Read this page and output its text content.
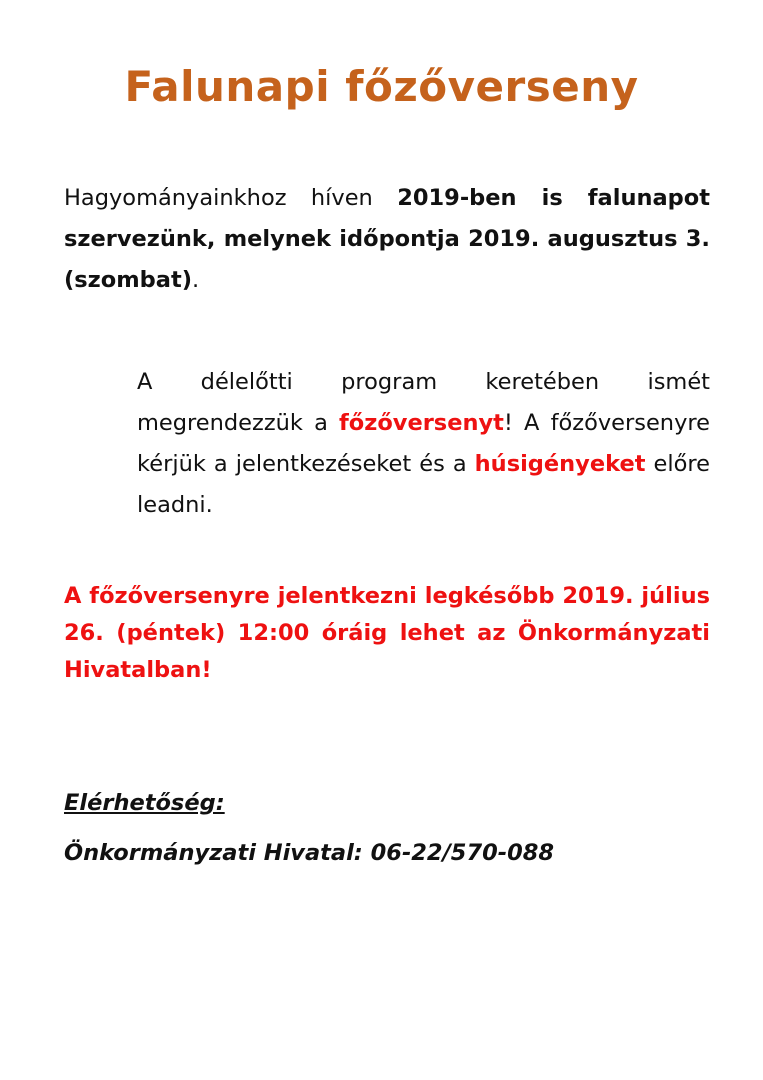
Falunapi főzőverseny
Hagyományainkhoz híven 2019-ben is falunapot szervezünk, melynek időpontja 2019. augusztus 3. (szombat).
A délelőtti program keretében ismét megrendezzük a főzőversenyt! A főzőversenyre kérjük a jelentkezéseket és a húsigényeket előre leadni.
A főzőversenyre jelentkezni legkésőbb 2019. július 26. (péntek) 12:00 óráig lehet az Önkormányzati Hivatalban!
Elérhetőség:
Önkormányzati Hivatal: 06-22/570-088
